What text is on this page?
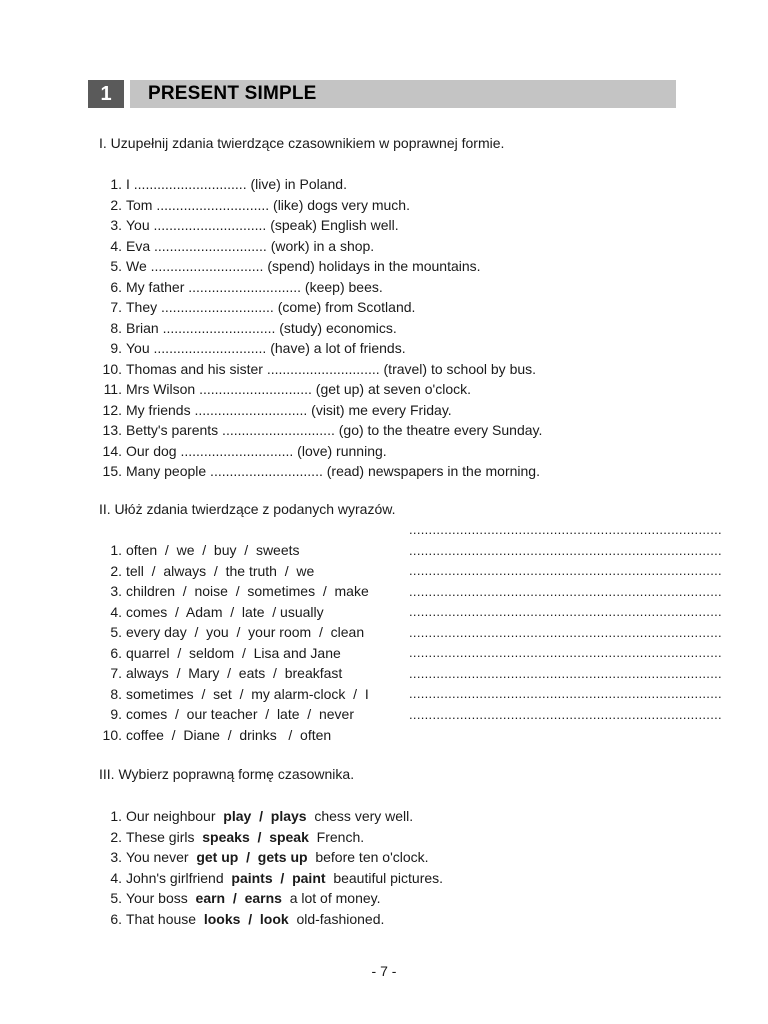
1	PRESENT SIMPLE
I. Uzupełnij zdania twierdzące czasownikiem w poprawnej formie.
1. I ............................. (live) in Poland.
2. Tom ............................. (like) dogs very much.
3. You ............................. (speak) English well.
4. Eva ............................. (work) in a shop.
5. We ............................. (spend) holidays in the mountains.
6. My father ............................. (keep) bees.
7. They ............................. (come) from Scotland.
8. Brian ............................. (study) economics.
9. You ............................. (have) a lot of friends.
10. Thomas and his sister ............................. (travel) to school by bus.
11. Mrs Wilson ............................. (get up) at seven o'clock.
12. My friends ............................. (visit) me every Friday.
13. Betty's parents ............................. (go) to the theatre every Sunday.
14. Our dog ............................. (love) running.
15. Many people ............................. (read) newspapers in the morning.
II. Ułóż zdania twierdzące z podanych wyrazów.
................................................................................
................................................................................
................................................................................
................................................................................
................................................................................
................................................................................
................................................................................
................................................................................
................................................................................
................................................................................
1. often  /  we  /  buy  /  sweets
2. tell  /  always  /  the truth  /  we
3. children  /  noise  /  sometimes  /  make
4. comes  /  Adam  /  late  / usually
5. every day  /  you  /  your room  /  clean
6. quarrel  /  seldom  /  Lisa and Jane
7. always  /  Mary  /  eats  /  breakfast
8. sometimes  /  set  /  my alarm-clock  /  I
9. comes  /  our teacher  /  late  /  never
10. coffee  /  Diane  /  drinks   /  often
III. Wybierz poprawną formę czasownika.
1. Our neighbour play / plays chess very well.
2. These girls speaks / speak French.
3. You never get up / gets up before ten o'clock.
4. John's girlfriend paints / paint beautiful pictures.
5. Your boss earn / earns a lot of money.
6. That house looks / look old-fashioned.
- 7 -
